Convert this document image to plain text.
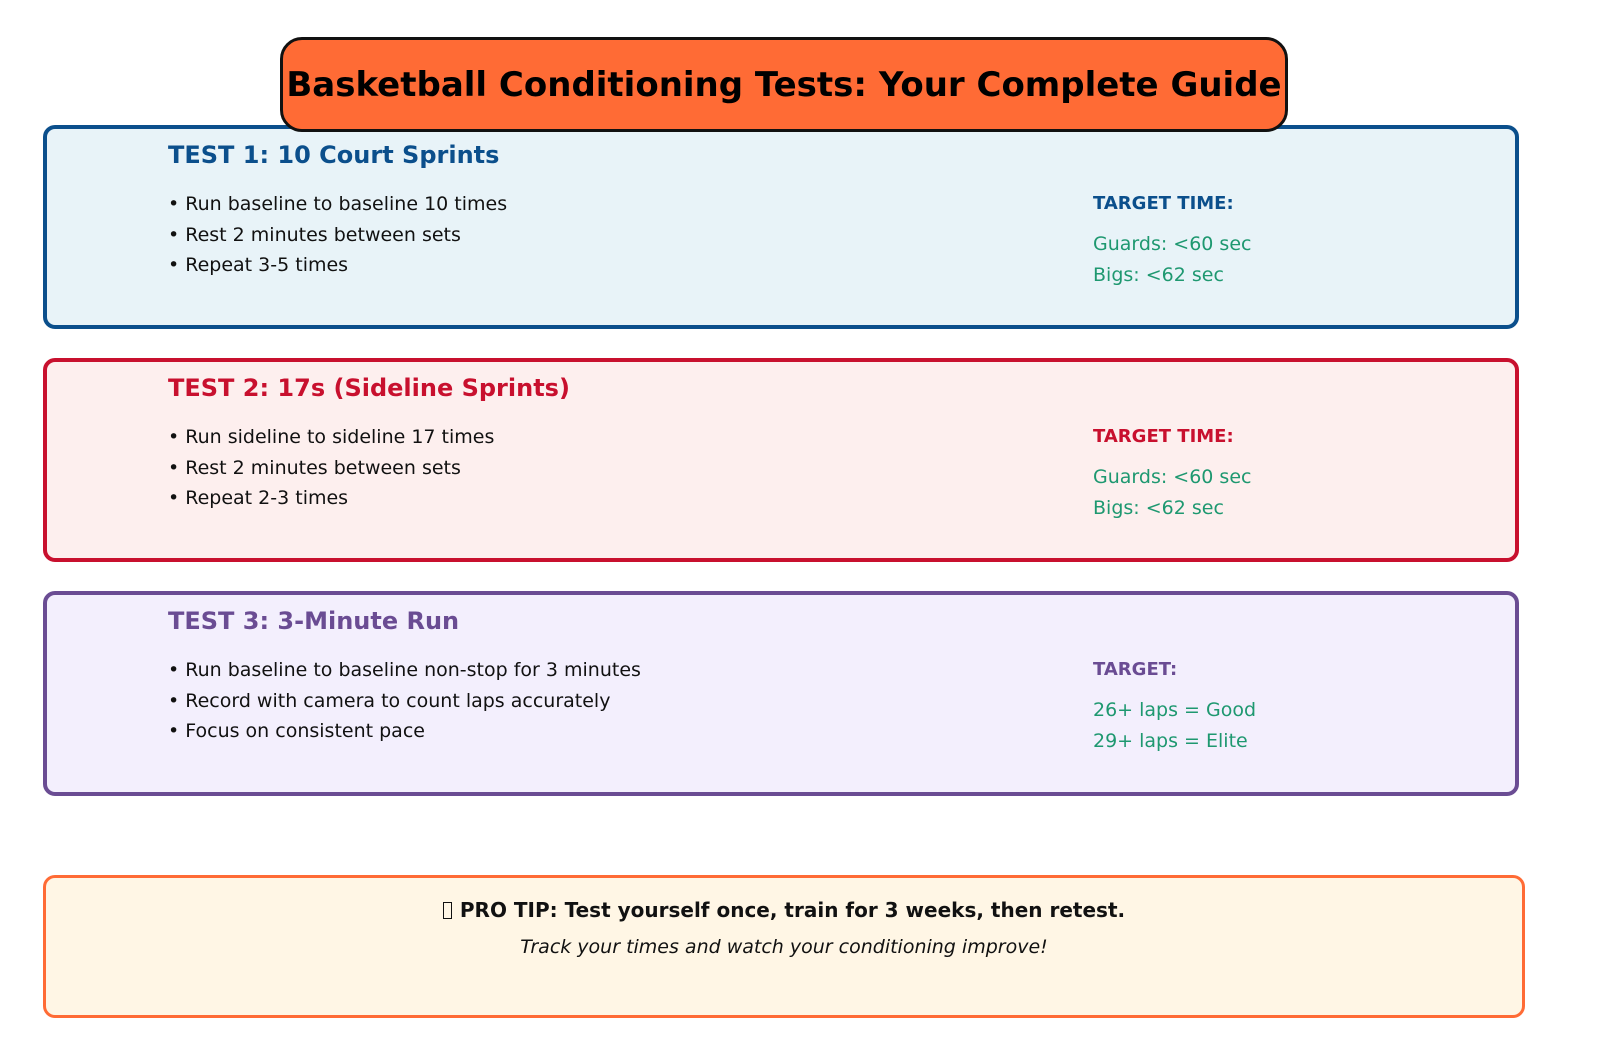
Basketball Conditioning Tests: Your Complete Guide
TEST 1: 10 Court Sprints
• Run baseline to baseline 10 times
• Rest 2 minutes between sets
• Repeat 3-5 times
TARGET TIME:
Guards: <60 sec
Bigs: <62 sec
TEST 2: 17s (Sideline Sprints)
• Run sideline to sideline 17 times
• Rest 2 minutes between sets
• Repeat 2-3 times
TARGET TIME:
Guards: <60 sec
Bigs: <62 sec
TEST 3: 3-Minute Run
• Run baseline to baseline non-stop for 3 minutes
• Record with camera to count laps accurately
• Focus on consistent pace
TARGET:
26+ laps = Good
29+ laps = Elite
PRO TIP: Test yourself once, train for 3 weeks, then retest.
Track your times and watch your conditioning improve!
